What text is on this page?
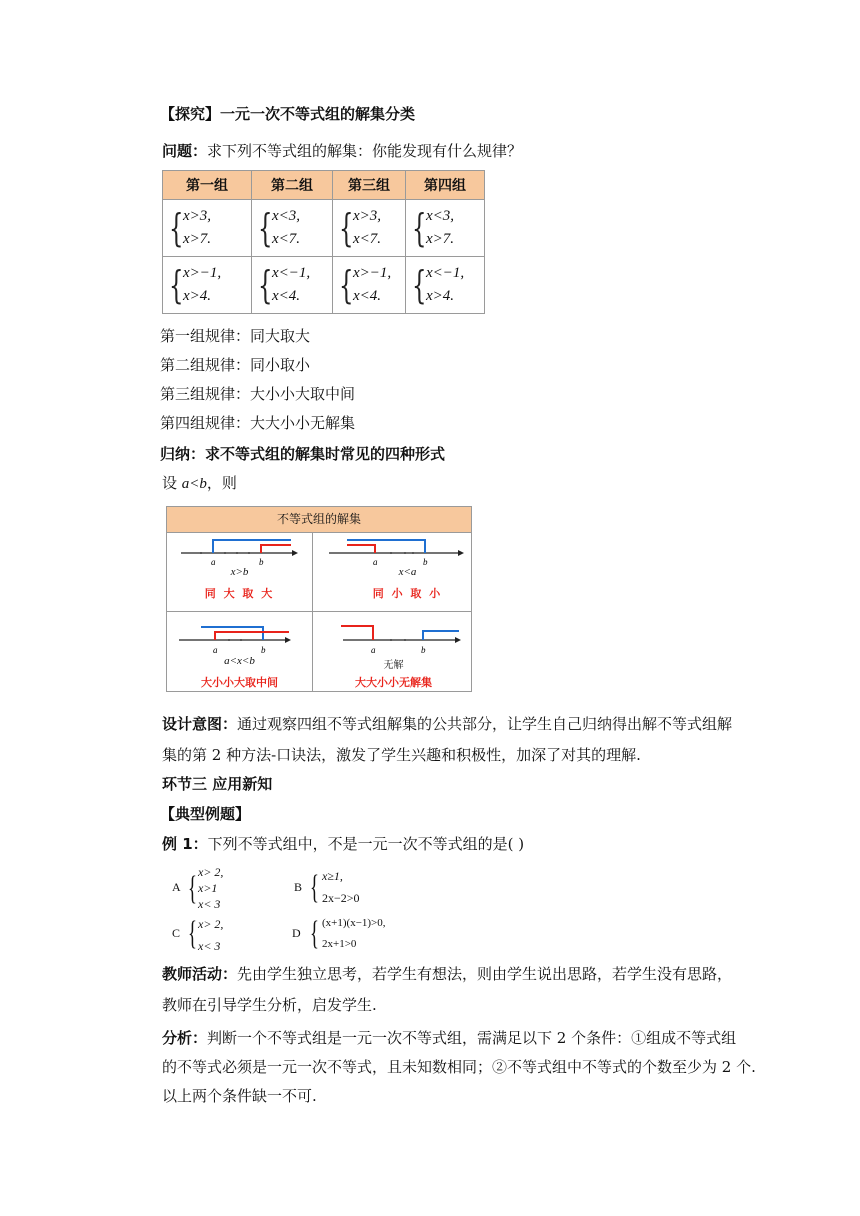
【探究】一元一次不等式组的解集分类
问题：求下列不等式组的解集：你能发现有什么规律？
第一组	第二组	第三组	第四组

{ x>3,
x>7.	{ x<3,
x<7.	{ x>3,
x<7.	{ x<3,
x>7.

{ x>−1,
x>4.	{ x<−1,
x<4.	{ x>−1,
x<4.	{ x<−1,
x>4.
第一组规律：同大取大
第二组规律：同小取小
第三组规律：大小小大取中间
第四组规律：大大小小无解集
归纳：求不等式组的解集时常见的四种形式
设 a<b，则
不等式组的解集
a	b
x>b
同 大 取 大
a	b
x<a
同 小 取 小
a	b
a<x<b
大小小大取中间
a	b
无解
大大小小无解集
设计意图：通过观察四组不等式组解集的公共部分，让学生自己归纳得出解不等式组解
集的第 2 种方法-口诀法，激发了学生兴趣和积极性，加深了对其的理解.
环节三 应用新知
【典型例题】
例 1：下列不等式组中，不是一元一次不等式组的是( )
A { x> 2,
x>1
x< 3
B { x≥1,
2x−2>0
C { x> 2,
x< 3
D { (x+1)(x−1)>0,
2x+1>0
教师活动：先由学生独立思考，若学生有想法，则由学生说出思路，若学生没有思路，
教师在引导学生分析，启发学生.
分析：判断一个不等式组是一元一次不等式组，需满足以下 2 个条件：①组成不等式组
的不等式必须是一元一次不等式，且未知数相同；②不等式组中不等式的个数至少为 2 个.
以上两个条件缺一不可.
